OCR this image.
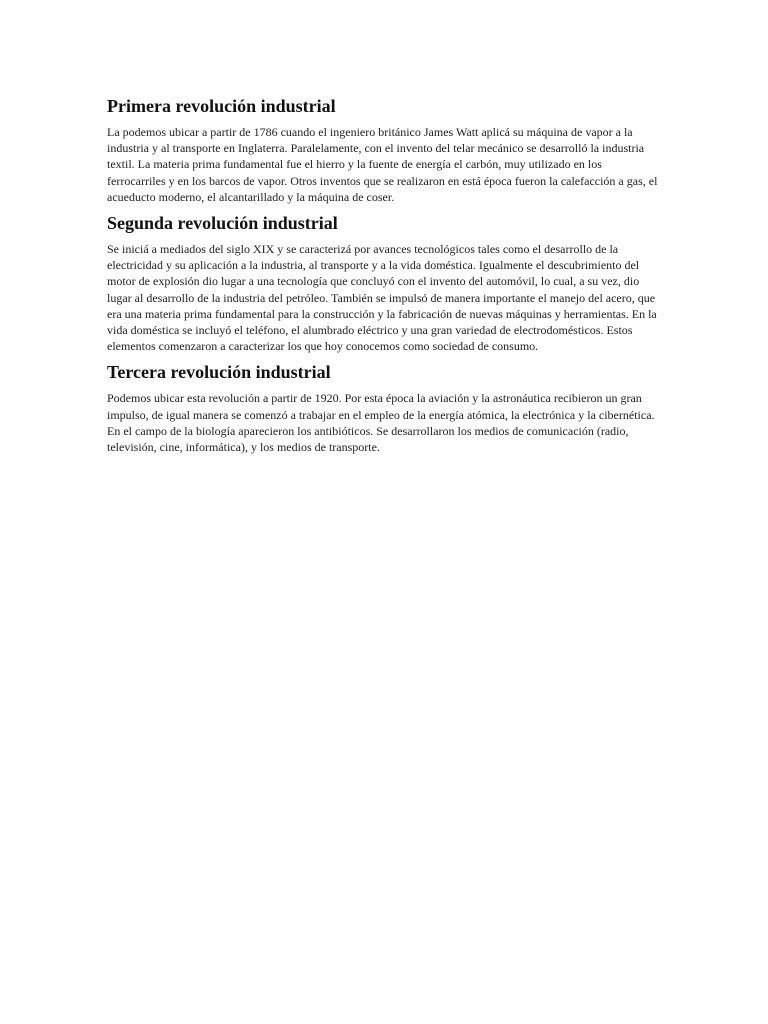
Primera revolución industrial

La podemos ubicar a partir de 1786 cuando el ingeniero británico James Watt aplicá su máquina de vapor a la industria y al transporte en Inglaterra. Paralelamente, con el invento del telar mecánico se desarrolló la industria textil. La materia prima fundamental fue el hierro y la fuente de energía el carbón, muy utilizado en los ferrocarriles y en los barcos de vapor. Otros inventos que se realizaron en está época fueron la calefacción a gas, el acueducto moderno, el alcantarillado y la máquina de coser.

Segunda revolución industrial

Se iniciá a mediados del siglo XIX y se caracterizá por avances tecnológicos tales como el desarrollo de la electricidad y su aplicación a la industria, al transporte y a la vida doméstica. Igualmente el descubrimiento del motor de explosión dio lugar a una tecnología que concluyó con el invento del automóvil, lo cual, a su vez, dio lugar al desarrollo de la industria del petróleo. También se impulsó de manera importante el manejo del acero, que era una materia prima fundamental para la construcción y la fabricación de nuevas máquinas y herramientas. En la vida doméstica se incluyó el teléfono, el alumbrado eléctrico y una gran variedad de electrodomésticos. Estos elementos comenzaron a caracterizar los que hoy conocemos como sociedad de consumo.

Tercera revolución industrial

Podemos ubicar esta revolución a partir de 1920. Por esta época la aviación y la astronáutica recibieron un gran impulso, de igual manera se comenzó a trabajar en el empleo de la energía atómica, la electrónica y la cibernética. En el campo de la biología aparecieron los antibióticos. Se desarrollaron los medios de comunicación (radio, televisión, cine, informática), y los medios de transporte.
